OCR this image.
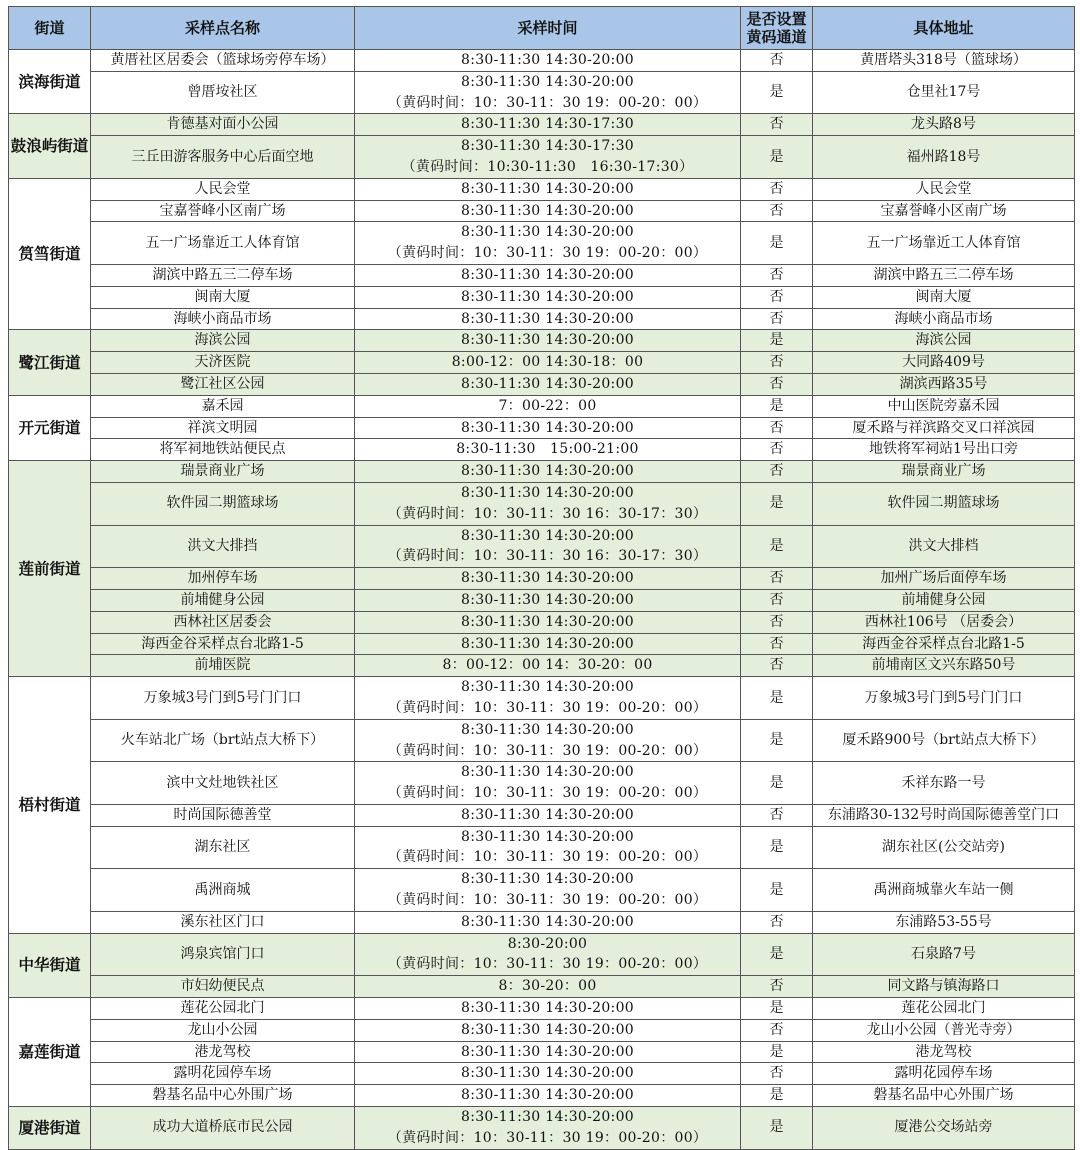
街道	采样点名称	采样时间	是否设置
黄码通道	具体地址
滨海街道	黄厝社区居委会（篮球场旁停车场）	8:30-11:30 14:30-20:00	否	黄厝塔头318号（篮球场）
	曾厝垵社区	8:30-11:30 14:30-20:00
（黄码时间：10：30-11：30 19：00-20：00）	是	仓里社17号
鼓浪屿街道	肯德基对面小公园	8:30-11:30 14:30-17:30	否	龙头路8号
	三丘田游客服务中心后面空地	8:30-11:30 14:30-17:30
（黄码时间：10:30-11:30　16:30-17:30）	是	福州路18号
筼筜街道	人民会堂	8:30-11:30 14:30-20:00	否	人民会堂
	宝嘉誉峰小区南广场	8:30-11:30 14:30-20:00	否	宝嘉誉峰小区南广场
	五一广场靠近工人体育馆	8:30-11:30 14:30-20:00
（黄码时间：10：30-11：30 19：00-20：00）	是	五一广场靠近工人体育馆
	湖滨中路五三二停车场	8:30-11:30 14:30-20:00	否	湖滨中路五三二停车场
	闽南大厦	8:30-11:30 14:30-20:00	否	闽南大厦
	海峡小商品市场	8:30-11:30 14:30-20:00	否	海峡小商品市场
鹭江街道	海滨公园	8:30-11:30 14:30-20:00	是	海滨公园
	天济医院	8:00-12：00 14:30-18：00	否	大同路409号
	鹭江社区公园	8:30-11:30 14:30-20:00	否	湖滨西路35号
开元街道	嘉禾园	7：00-22：00	是	中山医院旁嘉禾园
	祥滨文明园	8:30-11:30 14:30-20:00	否	厦禾路与祥滨路交叉口祥滨园
	将军祠地铁站便民点	8:30-11:30　15:00-21:00	否	地铁将军祠站1号出口旁
莲前街道	瑞景商业广场	8:30-11:30 14:30-20:00	否	瑞景商业广场
	软件园二期篮球场	8:30-11:30 14:30-20:00
（黄码时间：10：30-11：30 16：30-17：30）	是	软件园二期篮球场
	洪文大排挡	8:30-11:30 14:30-20:00
（黄码时间：10：30-11：30 16：30-17：30）	是	洪文大排档
	加州停车场	8:30-11:30 14:30-20:00	否	加州广场后面停车场
	前埔健身公园	8:30-11:30 14:30-20:00	否	前埔健身公园
	西林社区居委会	8:30-11:30 14:30-20:00	否	西林社106号 （居委会）
	海西金谷采样点台北路1-5	8:30-11:30 14:30-20:00	否	海西金谷采样点台北路1-5
	前埔医院	8：00-12：00 14：30-20：00	否	前埔南区文兴东路50号
梧村街道	万象城3号门到5号门门口	8:30-11:30 14:30-20:00
（黄码时间：10：30-11：30 19：00-20：00）	是	万象城3号门到5号门门口
	火车站北广场（brt站点大桥下）	8:30-11:30 14:30-20:00
（黄码时间：10：30-11：30 19：00-20：00）	是	厦禾路900号（brt站点大桥下）
	滨中文灶地铁社区	8:30-11:30 14:30-20:00
（黄码时间：10：30-11：30 19：00-20：00）	是	禾祥东路一号
	时尚国际德善堂	8:30-11:30 14:30-20:00	否	东浦路30-132号时尚国际德善堂门口
	湖东社区	8:30-11:30 14:30-20:00
（黄码时间：10：30-11：30 19：00-20：00）	是	湖东社区(公交站旁)
	禹洲商城	8:30-11:30 14:30-20:00
（黄码时间：10：30-11：30 19：00-20：00）	是	禹洲商城靠火车站一侧
	溪东社区门口	8:30-11:30 14:30-20:00	否	东浦路53-55号
中华街道	鸿泉宾馆门口	8:30-20:00
（黄码时间：10：30-11：30 19：00-20：00）	是	石泉路7号
	市妇幼便民点	8：30-20：00	否	同文路与镇海路口
嘉莲街道	莲花公园北门	8:30-11:30 14:30-20:00	是	莲花公园北门
	龙山小公园	8:30-11:30 14:30-20:00	否	龙山小公园（普光寺旁）
	港龙驾校	8:30-11:30 14:30-20:00	是	港龙驾校
	露明花园停车场	8:30-11:30 14:30-20:00	否	露明花园停车场
	磐基名品中心外围广场	8:30-11:30 14:30-20:00	是	磐基名品中心外围广场
厦港街道	成功大道桥底市民公园	8:30-11:30 14:30-20:00
（黄码时间：10：30-11：30 19：00-20：00）	是	厦港公交场站旁
